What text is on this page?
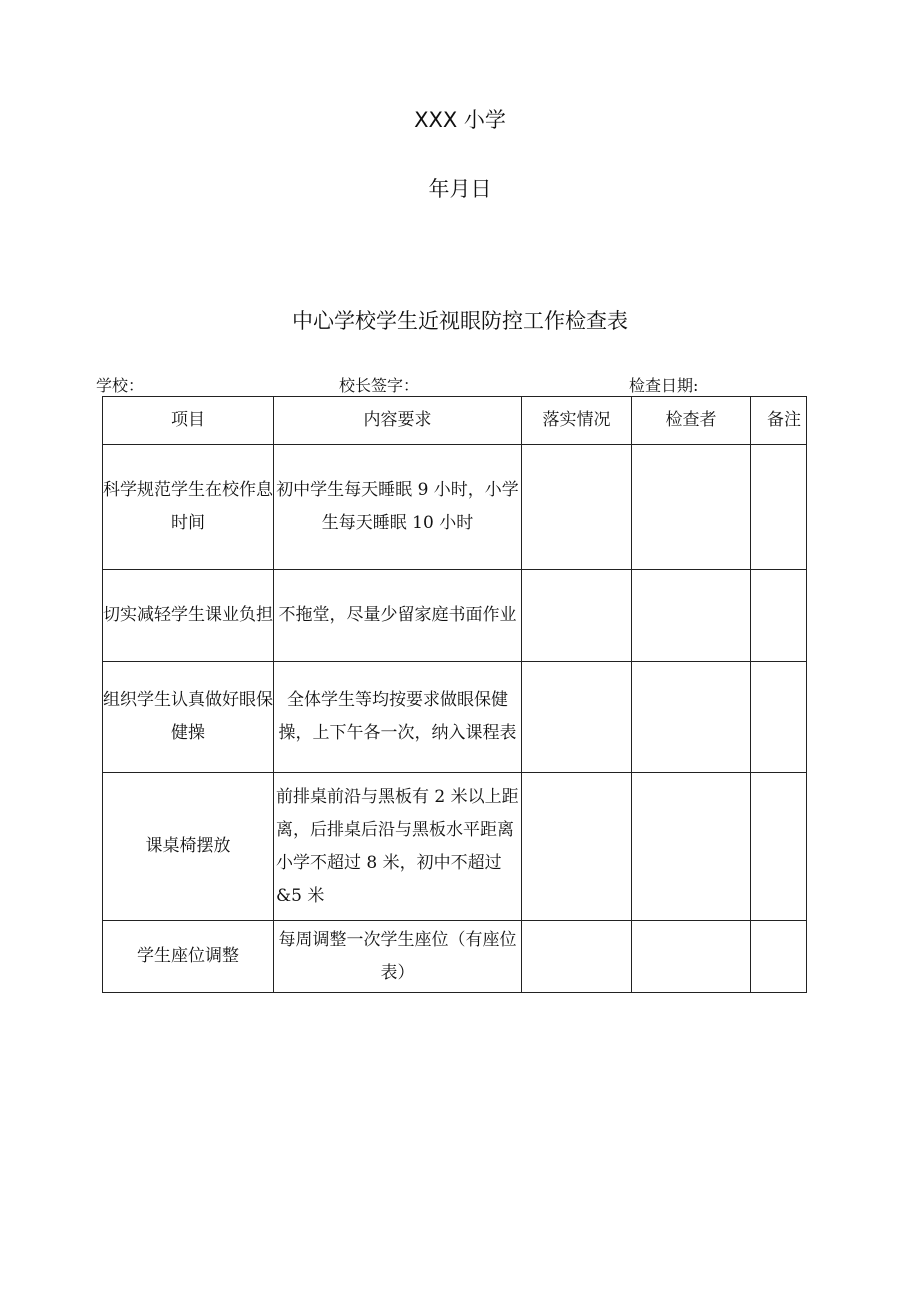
XXX 小学
年月日
中心学校学生近视眼防控工作检查表
学校：	校长签字：	检查日期:
项目	内容要求	落实情况	检查者	备注
科学规范学生在校作息时间	初中学生每天睡眠 9 小时，小学生每天睡眠 10 小时			
切实减轻学生课业负担	不拖堂，尽量少留家庭书面作业			
组织学生认真做好眼保健操	全体学生等均按要求做眼保健操，上下午各一次，纳入课程表			
课桌椅摆放	前排桌前沿与黑板有 2 米以上距离，后排桌后沿与黑板水平距离小学不超过 8 米，初中不超过&5 米			
学生座位调整	每周调整一次学生座位（有座位表）			
